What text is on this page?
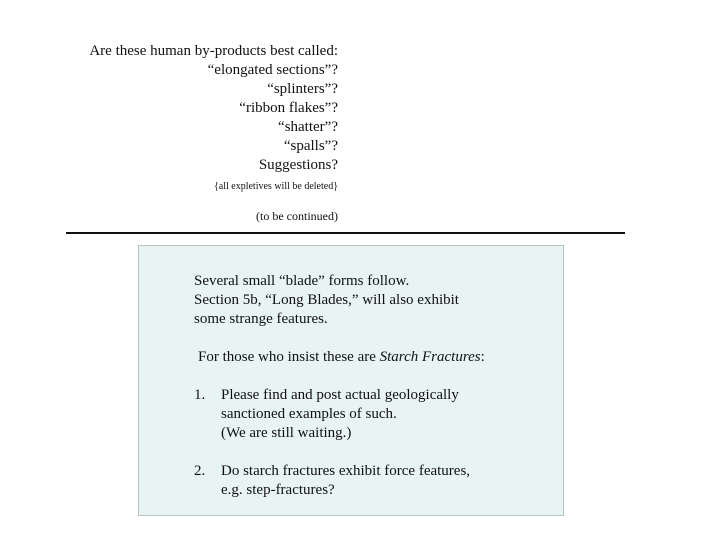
Are these human by-products best called:
“elongated sections”?
“splinters”?
“ribbon flakes”?
“shatter”?
“spalls”?
Suggestions?
{all expletives will be deleted}
(to be continued)

Several small “blade” forms follow.

Section 5b, “Long Blades,” will also exhibit

some strange features.

For those who insist these are Starch Fractures:

1. Please find and post actual geologically
sanctioned examples of such.
(We are still waiting.)
2. Do starch fractures exhibit force features,
e.g. step-fractures?
